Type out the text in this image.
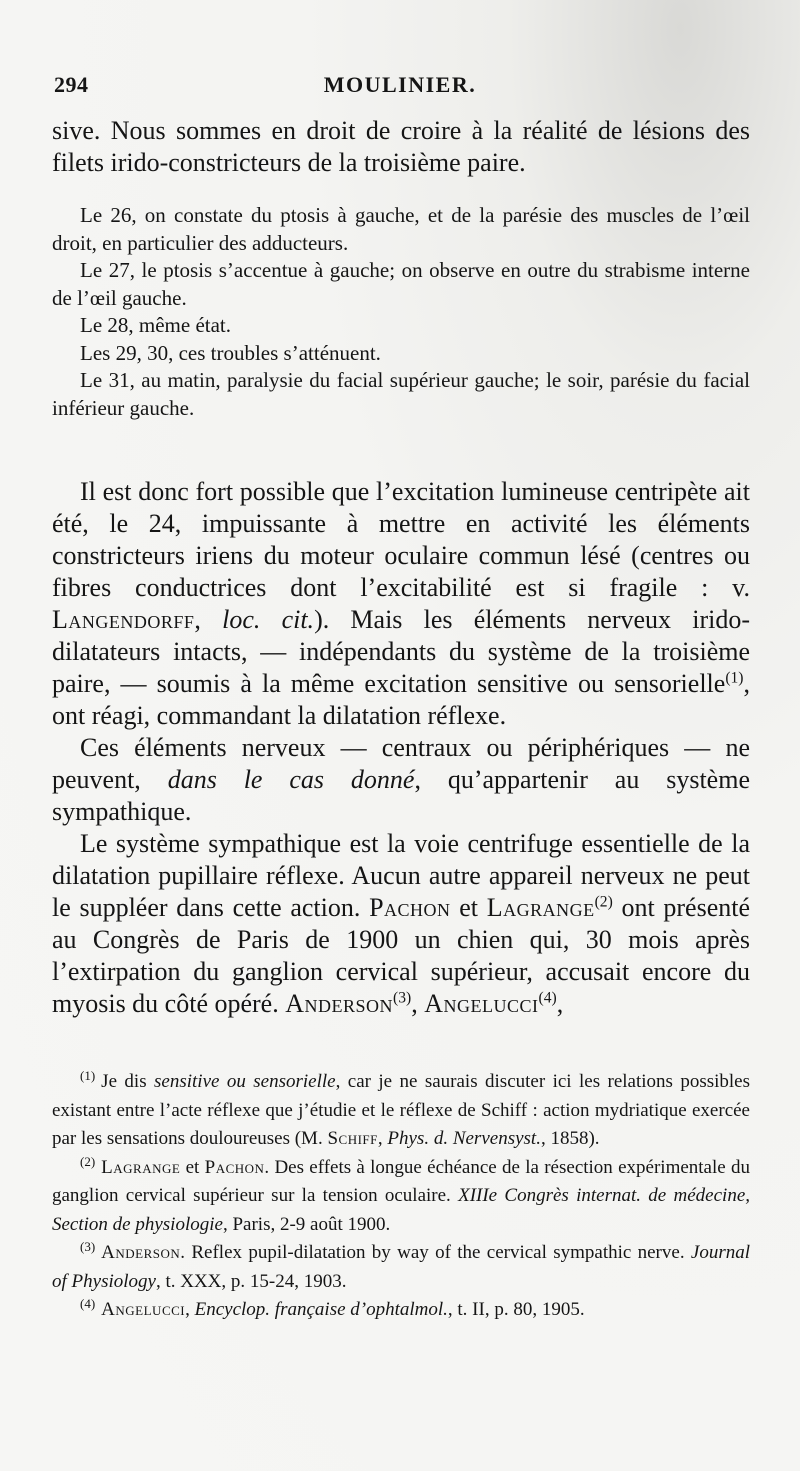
294	MOULINIER.

sive. Nous sommes en droit de croire à la réalité de lésions des filets irido-constricteurs de la troisième paire.

Le 26, on constate du ptosis à gauche, et de la parésie des muscles de l’œil droit, en particulier des adducteurs.

Le 27, le ptosis s’accentue à gauche; on observe en outre du strabisme interne de l’œil gauche.

Le 28, même état.

Les 29, 30, ces troubles s’atténuent.

Le 31, au matin, paralysie du facial supérieur gauche; le soir, parésie du facial inférieur gauche.

Il est donc fort possible que l’excitation lumineuse centripète ait été, le 24, impuissante à mettre en activité les éléments constricteurs iriens du moteur oculaire commun lésé (centres ou fibres conductrices dont l’excitabilité est si fragile : v. Langendorff, loc. cit.). Mais les éléments nerveux irido-dilatateurs intacts, — indépendants du système de la troisième paire, — soumis à la même excitation sensitive ou sensorielle$^{(1)}$, ont réagi, commandant la dilatation réflexe.

Ces éléments nerveux — centraux ou périphériques — ne peuvent, dans le cas donné, qu’appartenir au système sympathique.

Le système sympathique est la voie centrifuge essentielle de la dilatation pupillaire réflexe. Aucun autre appareil nerveux ne peut le suppléer dans cette action. Pachon et Lagrange$^{(2)}$ ont présenté au Congrès de Paris de 1900 un chien qui, 30 mois après l’extirpation du ganglion cervical supérieur, accusait encore du myosis du côté opéré. Anderson$^{(3)}$, Angelucci$^{(4)}$,

$^{(1)}$ Je dis sensitive ou sensorielle, car je ne saurais discuter ici les relations possibles existant entre l’acte réflexe que j’étudie et le réflexe de Schiff : action mydriatique exercée par les sensations douloureuses (M. Schiff, Phys. d. Nervensyst., 1858).

$^{(2)}$ Lagrange et Pachon. Des effets à longue échéance de la résection expérimentale du ganglion cervical supérieur sur la tension oculaire. XIIIe Congrès internat. de médecine, Section de physiologie, Paris, 2-9 août 1900.

$^{(3)}$ Anderson. Reflex pupil-dilatation by way of the cervical sympathic nerve. Journal of Physiology, t. XXX, p. 15-24, 1903.

$^{(4)}$ Angelucci, Encyclop. française d’ophtalmol., t. II, p. 80, 1905.
